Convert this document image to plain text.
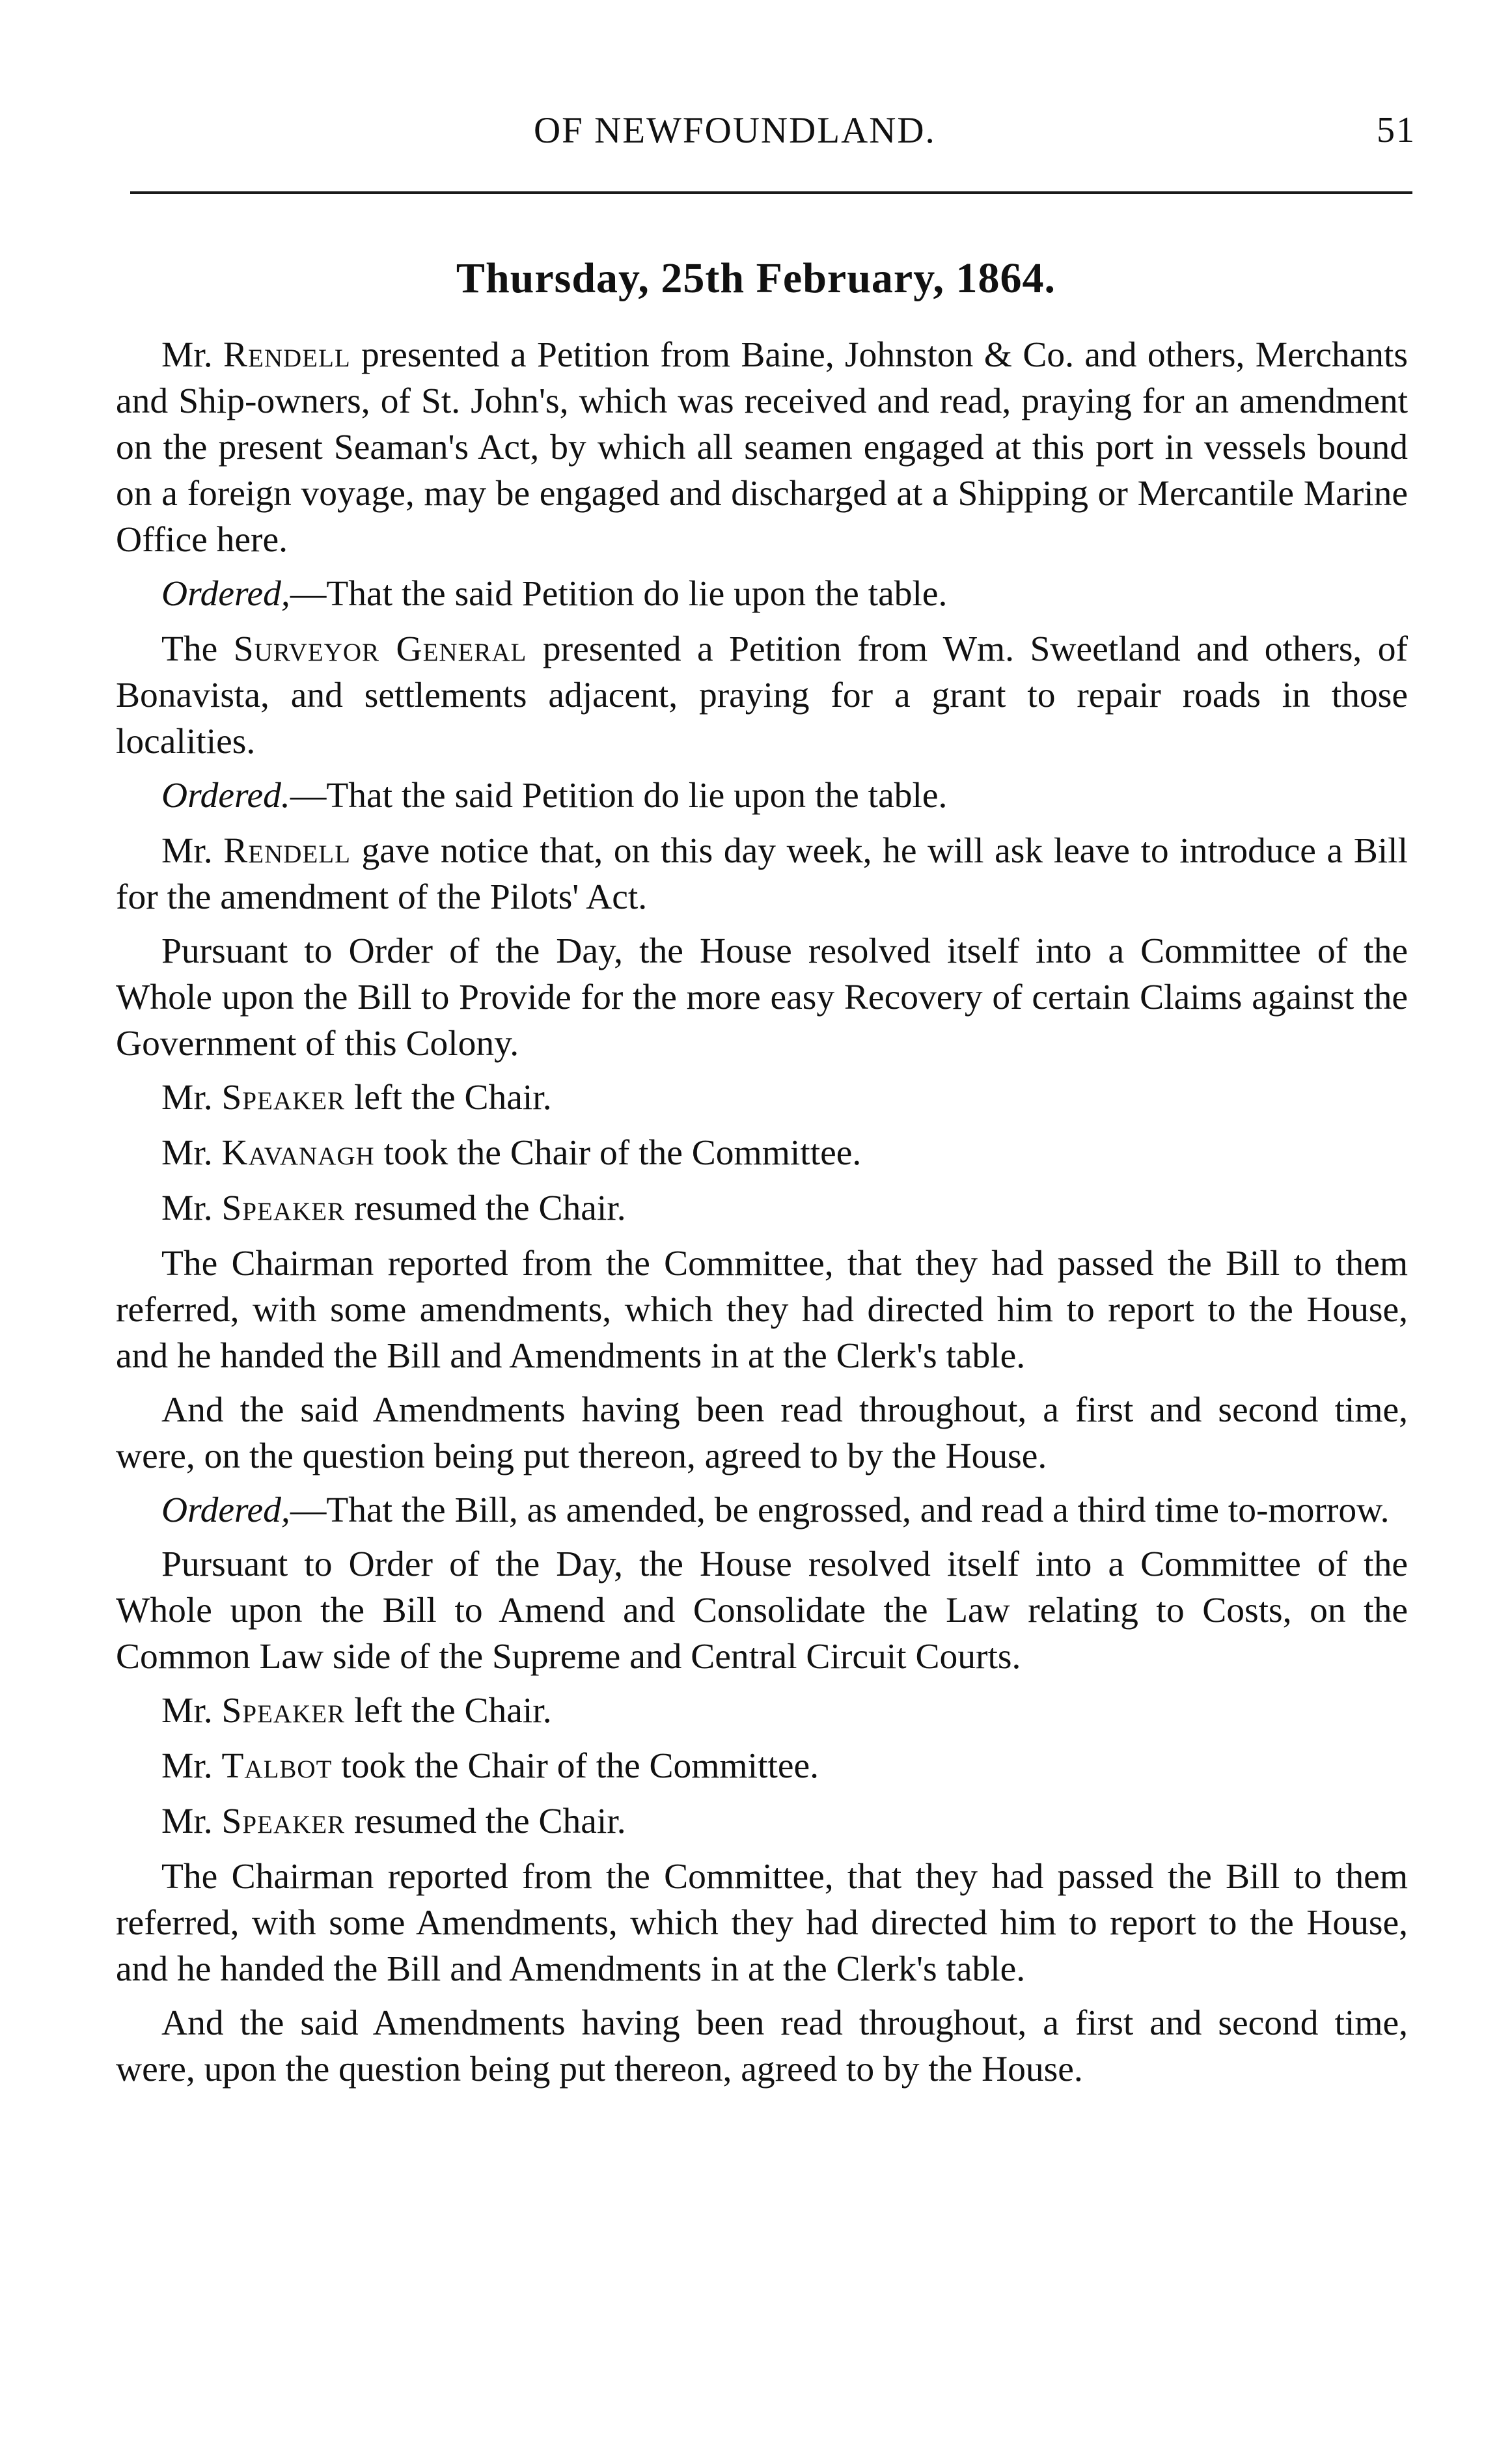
OF NEWFOUNDLAND.	51
Thursday, 25th February, 1864.

Mr. Rendell presented a Petition from Baine, Johnston & Co. and others, Merchants and Ship-owners, of St. John's, which was received and read, praying for an amendment on the present Seaman's Act, by which all seamen engaged at this port in vessels bound on a foreign voyage, may be engaged and discharged at a Shipping or Mercantile Marine Office here.

Ordered,—That the said Petition do lie upon the table.

The Surveyor General presented a Petition from Wm. Sweetland and others, of Bonavista, and settlements adjacent, praying for a grant to repair roads in those localities.

Ordered.—That the said Petition do lie upon the table.

Mr. Rendell gave notice that, on this day week, he will ask leave to introduce a Bill for the amendment of the Pilots' Act.

Pursuant to Order of the Day, the House resolved itself into a Committee of the Whole upon the Bill to Provide for the more easy Recovery of certain Claims against the Government of this Colony.

Mr. Speaker left the Chair.

Mr. Kavanagh took the Chair of the Committee.

Mr. Speaker resumed the Chair.

The Chairman reported from the Committee, that they had passed the Bill to them referred, with some amendments, which they had directed him to report to the House, and he handed the Bill and Amendments in at the Clerk's table.

And the said Amendments having been read throughout, a first and second time, were, on the question being put thereon, agreed to by the House.

Ordered,—That the Bill, as amended, be engrossed, and read a third time to-morrow.

Pursuant to Order of the Day, the House resolved itself into a Committee of the Whole upon the Bill to Amend and Consolidate the Law relating to Costs, on the Common Law side of the Supreme and Central Circuit Courts.

Mr. Speaker left the Chair.

Mr. Talbot took the Chair of the Committee.

Mr. Speaker resumed the Chair.

The Chairman reported from the Committee, that they had passed the Bill to them referred, with some Amendments, which they had directed him to report to the House, and he handed the Bill and Amendments in at the Clerk's table.

And the said Amendments having been read throughout, a first and second time, were, upon the question being put thereon, agreed to by the House.
